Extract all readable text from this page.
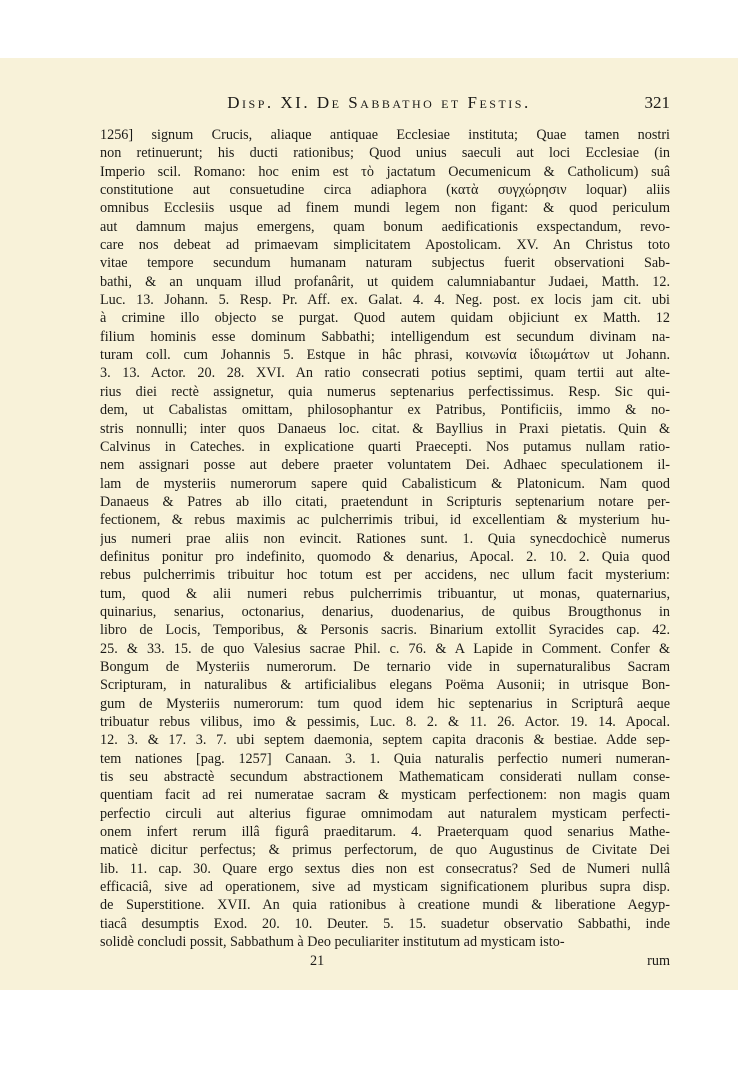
Disp. XI. De Sabbatho et Festis.	321
1256] signum Crucis, aliaque antiquae Ecclesiae instituta; Quae tamen nostri
non retinuerunt; his ducti rationibus; Quod unius saeculi aut loci Ecclesiae (in
Imperio scil. Romano: hoc enim est τὸ jactatum Oecumenicum & Catholicum) suâ
constitutione aut consuetudine circa adiaphora (κατὰ συγχώρησιν loquar) aliis
omnibus Ecclesiis usque ad finem mundi legem non figant: & quod periculum
aut damnum majus emergens, quam bonum aedificationis exspectandum, revo-
care nos debeat ad primaevam simplicitatem Apostolicam. XV. An Christus toto
vitae tempore secundum humanam naturam subjectus fuerit observationi Sab-
bathi, & an unquam illud profanârit, ut quidem calumniabantur Judaei, Matth. 12.
Luc. 13. Johann. 5. Resp. Pr. Aff. ex. Galat. 4. 4. Neg. post. ex locis jam cit. ubi
à crimine illo objecto se purgat. Quod autem quidam objiciunt ex Matth. 12
filium hominis esse dominum Sabbathi; intelligendum est secundum divinam na-
turam coll. cum Johannis 5. Estque in hâc phrasi, κοινωνία ἰδιωμάτων ut Johann.
3. 13. Actor. 20. 28. XVI. An ratio consecrati potius septimi, quam tertii aut alte-
rius diei rectè assignetur, quia numerus septenarius perfectissimus. Resp. Sic qui-
dem, ut Cabalistas omittam, philosophantur ex Patribus, Pontificiis, immo & no-
stris nonnulli; inter quos Danaeus loc. citat. & Bayllius in Praxi pietatis. Quin &
Calvinus in Cateches. in explicatione quarti Praecepti. Nos putamus nullam ratio-
nem assignari posse aut debere praeter voluntatem Dei. Adhaec speculationem il-
lam de mysteriis numerorum sapere quid Cabalisticum & Platonicum. Nam quod
Danaeus & Patres ab illo citati, praetendunt in Scripturis septenarium notare per-
fectionem, & rebus maximis ac pulcherrimis tribui, id excellentiam & mysterium hu-
jus numeri prae aliis non evincit. Rationes sunt. 1. Quia synecdochicè numerus
definitus ponitur pro indefinito, quomodo & denarius, Apocal. 2. 10. 2. Quia quod
rebus pulcherrimis tribuitur hoc totum est per accidens, nec ullum facit mysterium:
tum, quod & alii numeri rebus pulcherrimis tribuantur, ut monas, quaternarius,
quinarius, senarius, octonarius, denarius, duodenarius, de quibus Brougthonus in
libro de Locis, Temporibus, & Personis sacris. Binarium extollit Syracides cap. 42.
25. & 33. 15. de quo Valesius sacrae Phil. c. 76. & A Lapide in Comment. Confer &
Bongum de Mysteriis numerorum. De ternario vide in supernaturalibus Sacram
Scripturam, in naturalibus & artificialibus elegans Poëma Ausonii; in utrisque Bon-
gum de Mysteriis numerorum: tum quod idem hic septenarius in Scripturâ aeque
tribuatur rebus vilibus, imo & pessimis, Luc. 8. 2. & 11. 26. Actor. 19. 14. Apocal.
12. 3. & 17. 3. 7. ubi septem daemonia, septem capita draconis & bestiae. Adde sep-
tem nationes [pag. 1257] Canaan. 3. 1. Quia naturalis perfectio numeri numeran-
tis seu abstractè secundum abstractionem Mathematicam considerati nullam conse-
quentiam facit ad rei numeratae sacram & mysticam perfectionem: non magis quam
perfectio circuli aut alterius figurae omnimodam aut naturalem mysticam perfecti-
onem infert rerum illâ figurâ praeditarum. 4. Praeterquam quod senarius Mathe-
maticè dicitur perfectus; & primus perfectorum, de quo Augustinus de Civitate Dei
lib. 11. cap. 30. Quare ergo sextus dies non est consecratus? Sed de Numeri nullâ
efficaciâ, sive ad operationem, sive ad mysticam significationem pluribus supra disp.
de Superstitione. XVII. An quia rationibus à creatione mundi & liberatione Aegyp-
tiacâ desumptis Exod. 20. 10. Deuter. 5. 15. suadetur observatio Sabbathi, inde
solidè concludi possit, Sabbathum à Deo peculiariter institutum ad mysticam isto-
21	rum
